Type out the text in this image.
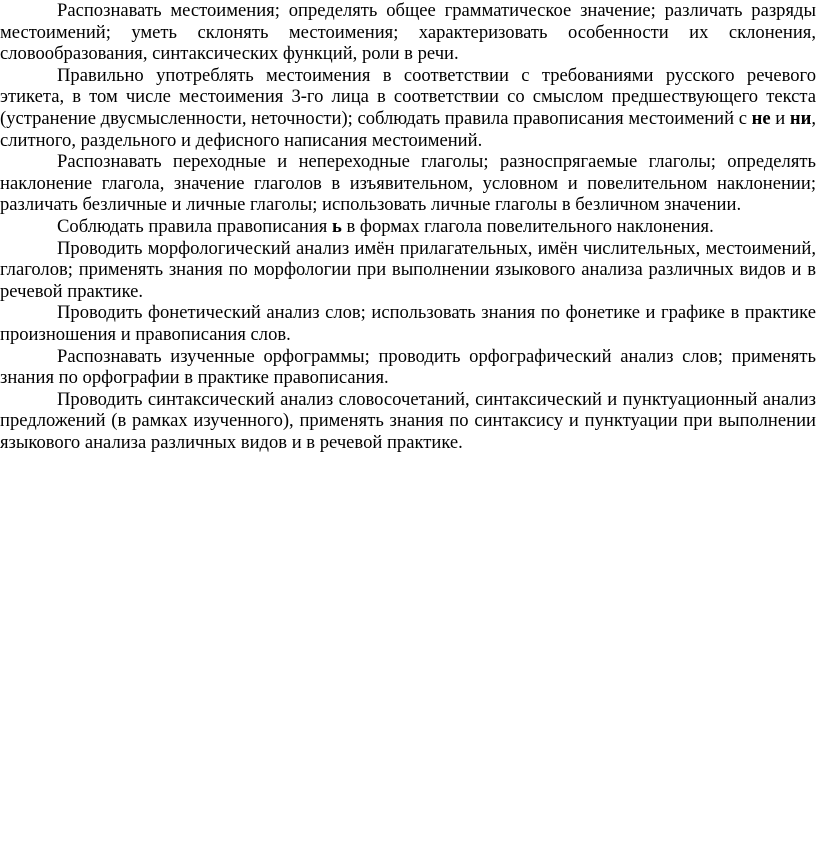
Распознавать местоимения; определять общее грамматическое значение; различать разряды местоимений; уметь склонять местоимения; характеризовать особенности их склонения, словообразования, синтаксических функций, роли в речи.

Правильно употреблять местоимения в соответствии с требованиями русского речевого этикета, в том числе местоимения 3-го лица в соответствии со смыслом предшествующего текста (устранение двусмысленности, неточности); соблюдать правила правописания местоимений с не и ни, слитного, раздельного и дефисного написания местоимений.

Распознавать переходные и непереходные глаголы; разноспрягаемые глаголы; определять наклонение глагола, значение глаголов в изъявительном, условном и повелительном наклонении; различать безличные и личные глаголы; использовать личные глаголы в безличном значении.

Соблюдать правила правописания ь в формах глагола повелительного наклонения.

Проводить морфологический анализ имён прилагательных, имён числительных, местоимений, глаголов; применять знания по морфологии при выполнении языкового анализа различных видов и в речевой практике.

Проводить фонетический анализ слов; использовать знания по фонетике и графике в практике произношения и правописания слов.

Распознавать изученные орфограммы; проводить орфографический анализ слов; применять знания по орфографии в практике правописания.

Проводить синтаксический анализ словосочетаний, синтаксический и пунктуационный анализ предложений (в рамках изученного), применять знания по синтаксису и пунктуации при выполнении языкового анализа различных видов и в речевой практике.
